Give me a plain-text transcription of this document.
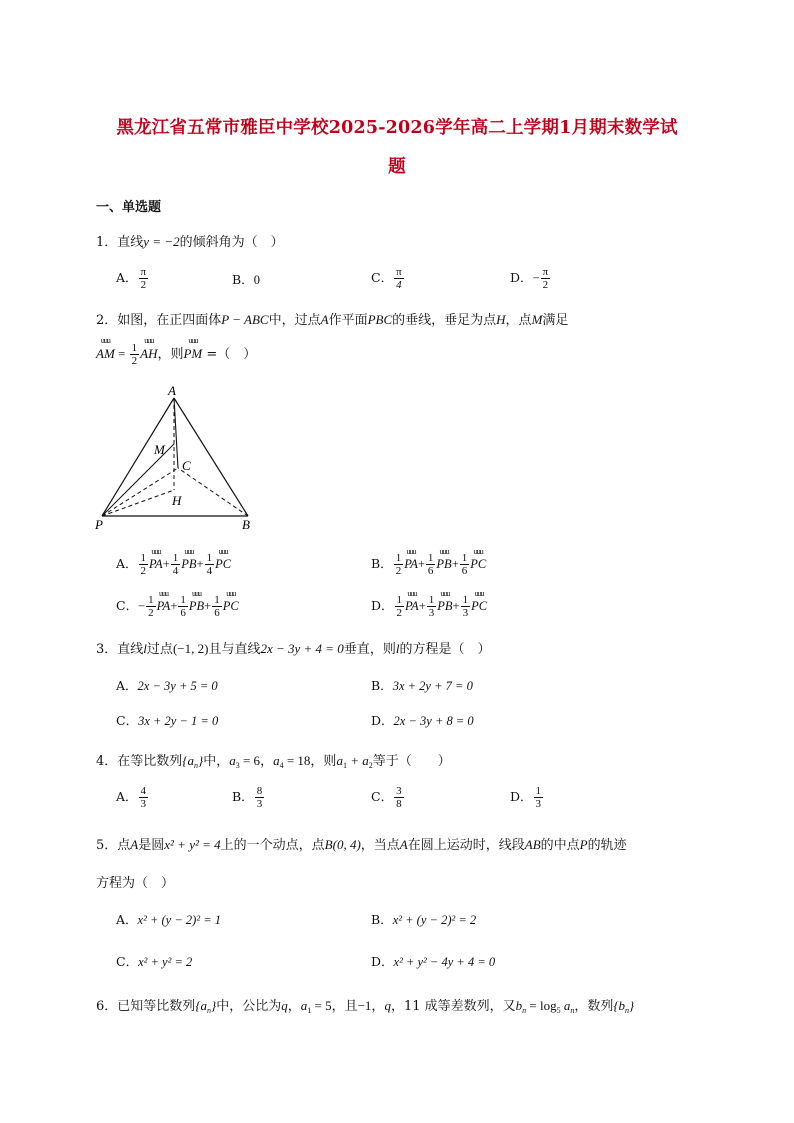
黑龙江省五常市雅臣中学校2025-2026学年高二上学期1月期末数学试
题
一、单选题
1．直线y = −2的倾斜角为（　）
A． $\frac{\pi}{2}$	B．0	C． $\frac{\pi}{4}$	D．− $\frac{\pi}{2}$
2．如图，在正四面体P − ABC中，过点A作平面PBC的垂线，垂足为点H，点M满足
uuu AM = $\frac{1}{2}$ uuu AH，则uuu PM =（　）
A
M
C
H
P	B
A． $\frac{1}{2}$ uuu $PA+ \frac{1}{4}$ uuu $PB+ \frac{1}{4}$ uuu PC	B． $\frac{1}{2}$ uuu $PA+ \frac{1}{6}$ uuu $PB+ \frac{1}{6}$ uuu PC
C．− $\frac{1}{2}$ uuu $PA+ \frac{1}{6}$ uuu $PB+ \frac{1}{6}$ uuu PC	D． $\frac{1}{2}$ uuu $PA+ \frac{1}{3}$ uuu $PB+ \frac{1}{3}$ uuu PC
3．直线l过点(−1, 2)且与直线2x − 3y + 4 = 0垂直，则l的方程是（　）
A．2x − 3y + 5 = 0	B．3x + 2y + 7 = 0
C．3x + 2y − 1 = 0	D．2x − 3y + 8 = 0
4．在等比数列$\{a_n\}$中，$a_3 = 6$，$a_4 = 18$，则$a_1 + a_2$等于（　　）
A． $\frac{4}{3}$	B． $\frac{8}{3}$	C． $\frac{3}{8}$	D． $\frac{1}{3}$
5．点A是圆x² + y² = 4上的一个动点，点B(0, 4)，当点A在圆上运动时，线段AB的中点P的轨迹
方程为（　）
A．x² + (y − 2)² = 1	B．x² + (y − 2)² = 2
C．x² + y² = 2	D．x² + y² − 4y + 4 = 0
6．已知等比数列$\{a_n\}$中，公比为q，$a_1 = 5$，且−1，q，11 成等差数列，又$b_n = \log_5 a_n$，数列$\{b_n\}$
